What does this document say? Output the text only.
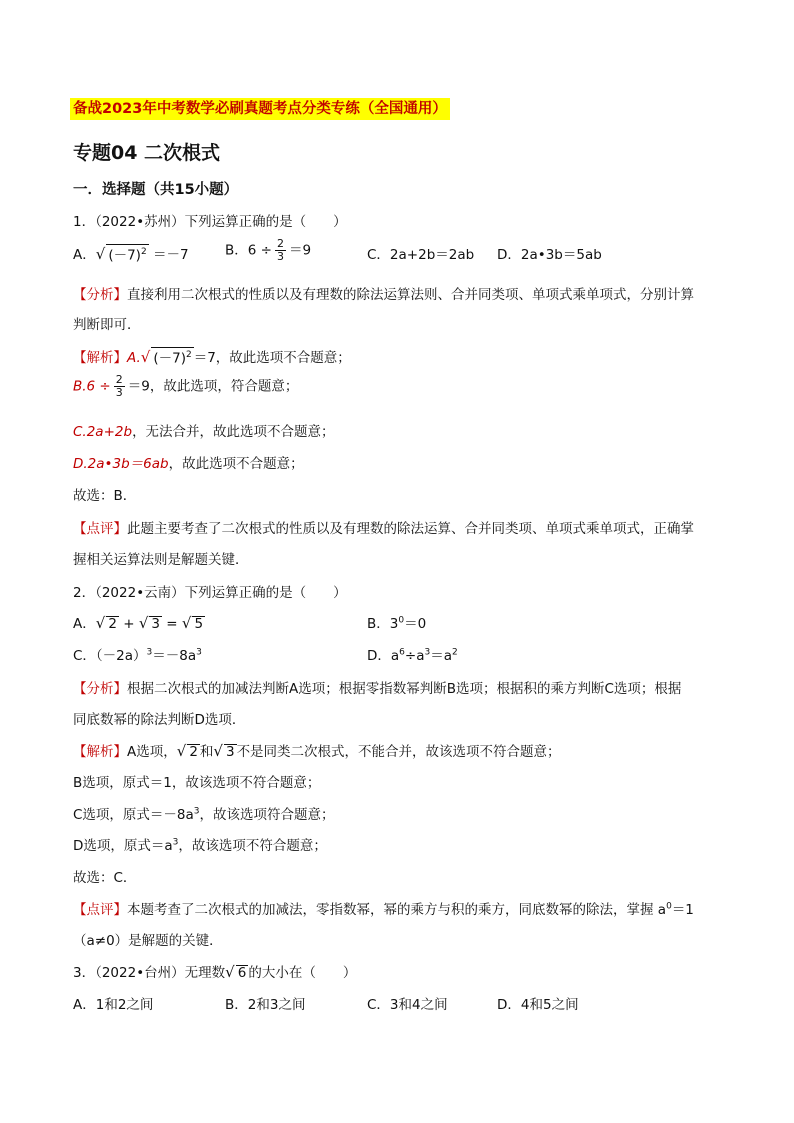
备战2023年中考数学必刷真题考点分类专练（全国通用）
专题04 二次根式
一．选择题（共15小题）
1．（2022•苏州）下列运算正确的是（　　）
A．√ $(-7)^2 =-7$	B．$6 \div \frac{2}{3} =9$	C．2a+2b＝2ab D．2a•3b＝5ab
【分析】直接利用二次根式的性质以及有理数的除法运算法则、合并同类项、单项式乘单项式，分别计算
判断即可．
【解析】A.√ $(-7)^2 =7$，故此选项不合题意；
$B.6 \div \frac{2}{3} =9$，故此选项，符合题意；
C.2a+2b，无法合并，故此选项不合题意；
D.2a•3b＝6ab，故此选项不合题意；
故选：B．
【点评】此题主要考查了二次根式的性质以及有理数的除法运算、合并同类项、单项式乘单项式，正确掌
握相关运算法则是解题关键．
2．（2022•云南）下列运算正确的是（　　）
A．√ 2 + √ 3 = √ 5	B．$3^0=0$
C．$(-2a)^3=-8a^3$	D．$a^6\div a^3=a^2$
【分析】根据二次根式的加减法判断A选项；根据零指数幂判断B选项；根据积的乘方判断C选项；根据
同底数幂的除法判断D选项．
【解析】A选项，√ 2 和√ 3 不是同类二次根式，不能合并，故该选项不符合题意；
B选项，原式＝1，故该选项不符合题意；
C选项，原式$=-8a^3$，故该选项符合题意；
D选项，原式$=a^3$，故该选项不符合题意；
故选：C．
【点评】本题考查了二次根式的加减法，零指数幂，幂的乘方与积的乘方，同底数幂的除法，掌握 $a^0=1$
（a≠0）是解题的关键．
3．（2022•台州）无理数√ 6 的大小在（　　）
A．1和2之间	B．2和3之间	C．3和4之间	D．4和5之间
